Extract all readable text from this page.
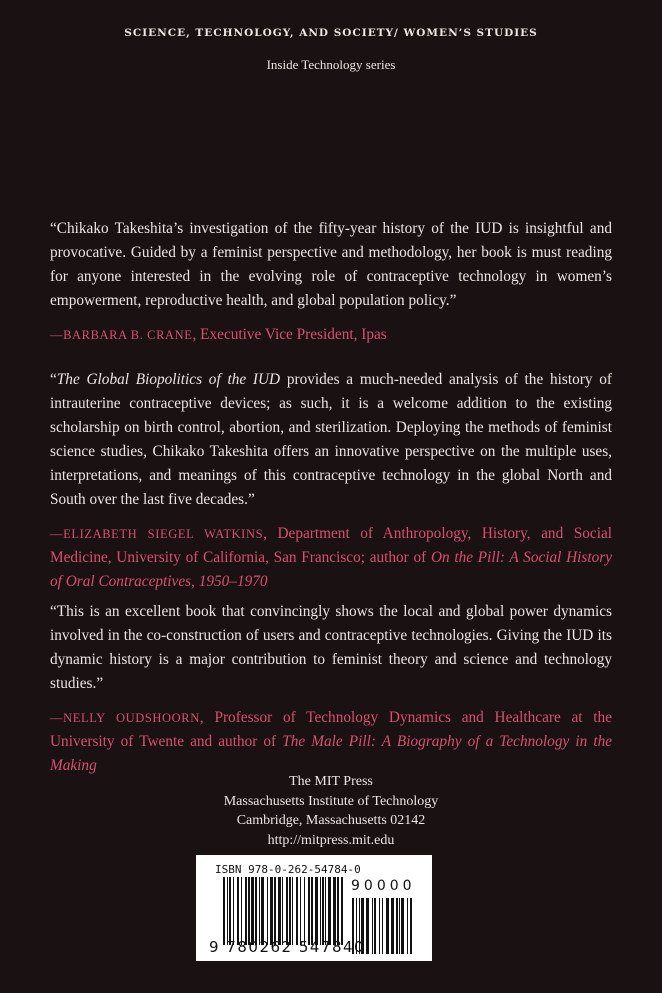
SCIENCE, TECHNOLOGY, AND SOCIETY/ WOMEN’S STUDIES
Inside Technology series

“Chikako Takeshita’s investigation of the fifty-year history of the IUD is insightful and provocative. Guided by a feminist perspective and methodology, her book is must reading for anyone interested in the evolving role of contraceptive technology in women’s empowerment, reproductive health, and global population policy.”

—BARBARA B. CRANE, Executive Vice President, Ipas

“The Global Biopolitics of the IUD provides a much-needed analysis of the history of intrauterine contraceptive devices; as such, it is a welcome addition to the existing scholarship on birth control, abortion, and sterilization. Deploying the methods of feminist science studies, Chikako Takeshita offers an innovative perspective on the multiple uses, interpretations, and meanings of this contraceptive technology in the global North and South over the last five decades.”

—ELIZABETH SIEGEL WATKINS, Department of Anthropology, History, and Social Medicine, University of California, San Francisco; author of On the Pill: A Social History of Oral Contraceptives, 1950–1970

“This is an excellent book that convincingly shows the local and global power dynamics involved in the co-construction of users and contraceptive technologies. Giving the IUD its dynamic history is a major contribution to feminist theory and science and technology studies.”

—NELLY OUDSHOORN, Professor of Technology Dynamics and Healthcare at the University of Twente and author of The Male Pill: A Biography of a Technology in the Making

The MIT Press
Massachusetts Institute of Technology
Cambridge, Massachusetts 02142
http://mitpress.mit.edu
ISBN 978-0-262-54784-0
90000
9 780262 547840
